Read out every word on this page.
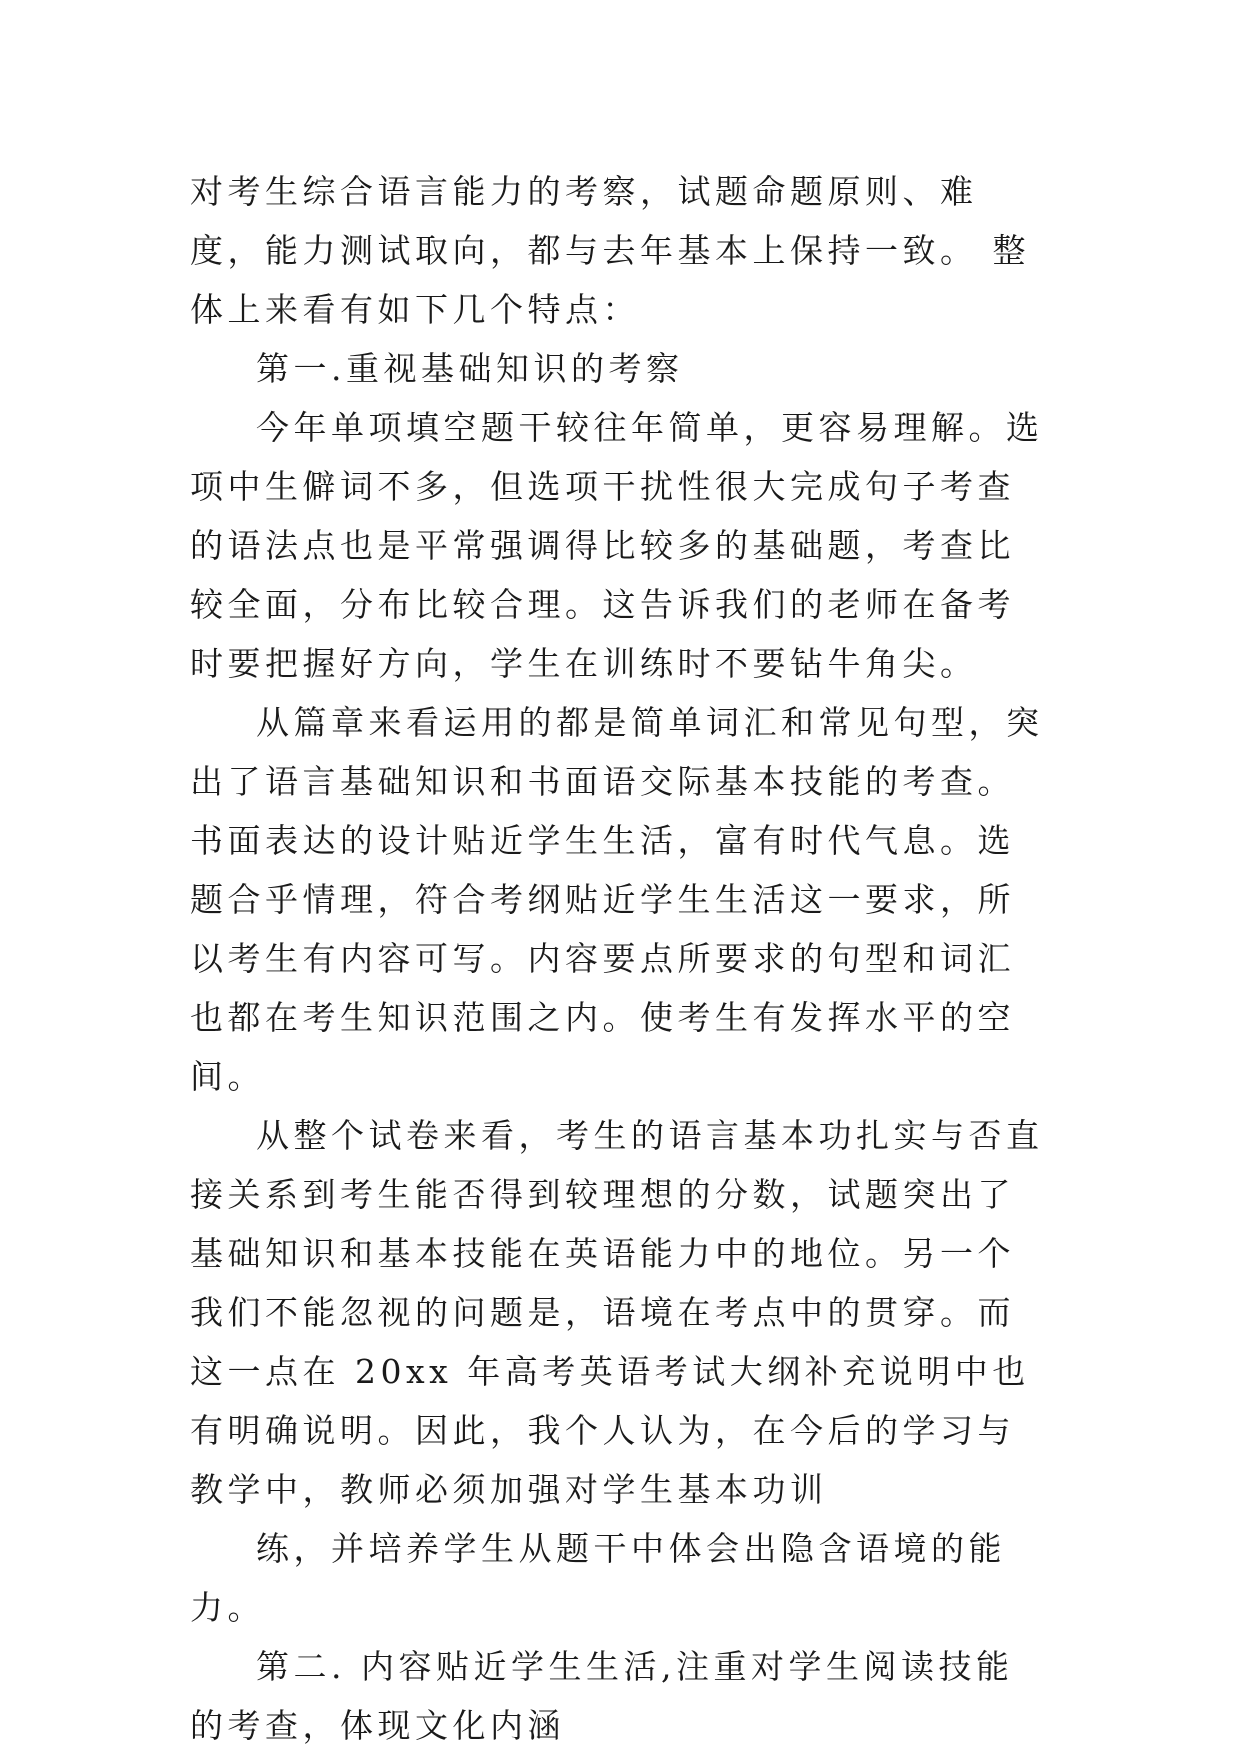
对考生综合语言能力的考察，试题命题原则、难度，能力测试取向，都与去年基本上保持一致。 整体上来看有如下几个特点：

第一.重视基础知识的考察

今年单项填空题干较往年简单，更容易理解。选项中生僻词不多，但选项干扰性很大完成句子考查的语法点也是平常强调得比较多的基础题，考查比较全面，分布比较合理。这告诉我们的老师在备考时要把握好方向，学生在训练时不要钻牛角尖。

从篇章来看运用的都是简单词汇和常见句型，突出了语言基础知识和书面语交际基本技能的考查。书面表达的设计贴近学生生活，富有时代气息。选题合乎情理，符合考纲贴近学生生活这一要求，所以考生有内容可写。内容要点所要求的句型和词汇也都在考生知识范围之内。使考生有发挥水平的空间。

从整个试卷来看，考生的语言基本功扎实与否直接关系到考生能否得到较理想的分数，试题突出了基础知识和基本技能在英语能力中的地位。另一个我们不能忽视的问题是，语境在考点中的贯穿。而这一点在 20xx 年高考英语考试大纲补充说明中也有明确说明。因此，我个人认为，在今后的学习与教学中，教师必须加强对学生基本功训

练，并培养学生从题干中体会出隐含语境的能力。

第二. 内容贴近学生生活,注重对学生阅读技能的考查，体现文化内涵
